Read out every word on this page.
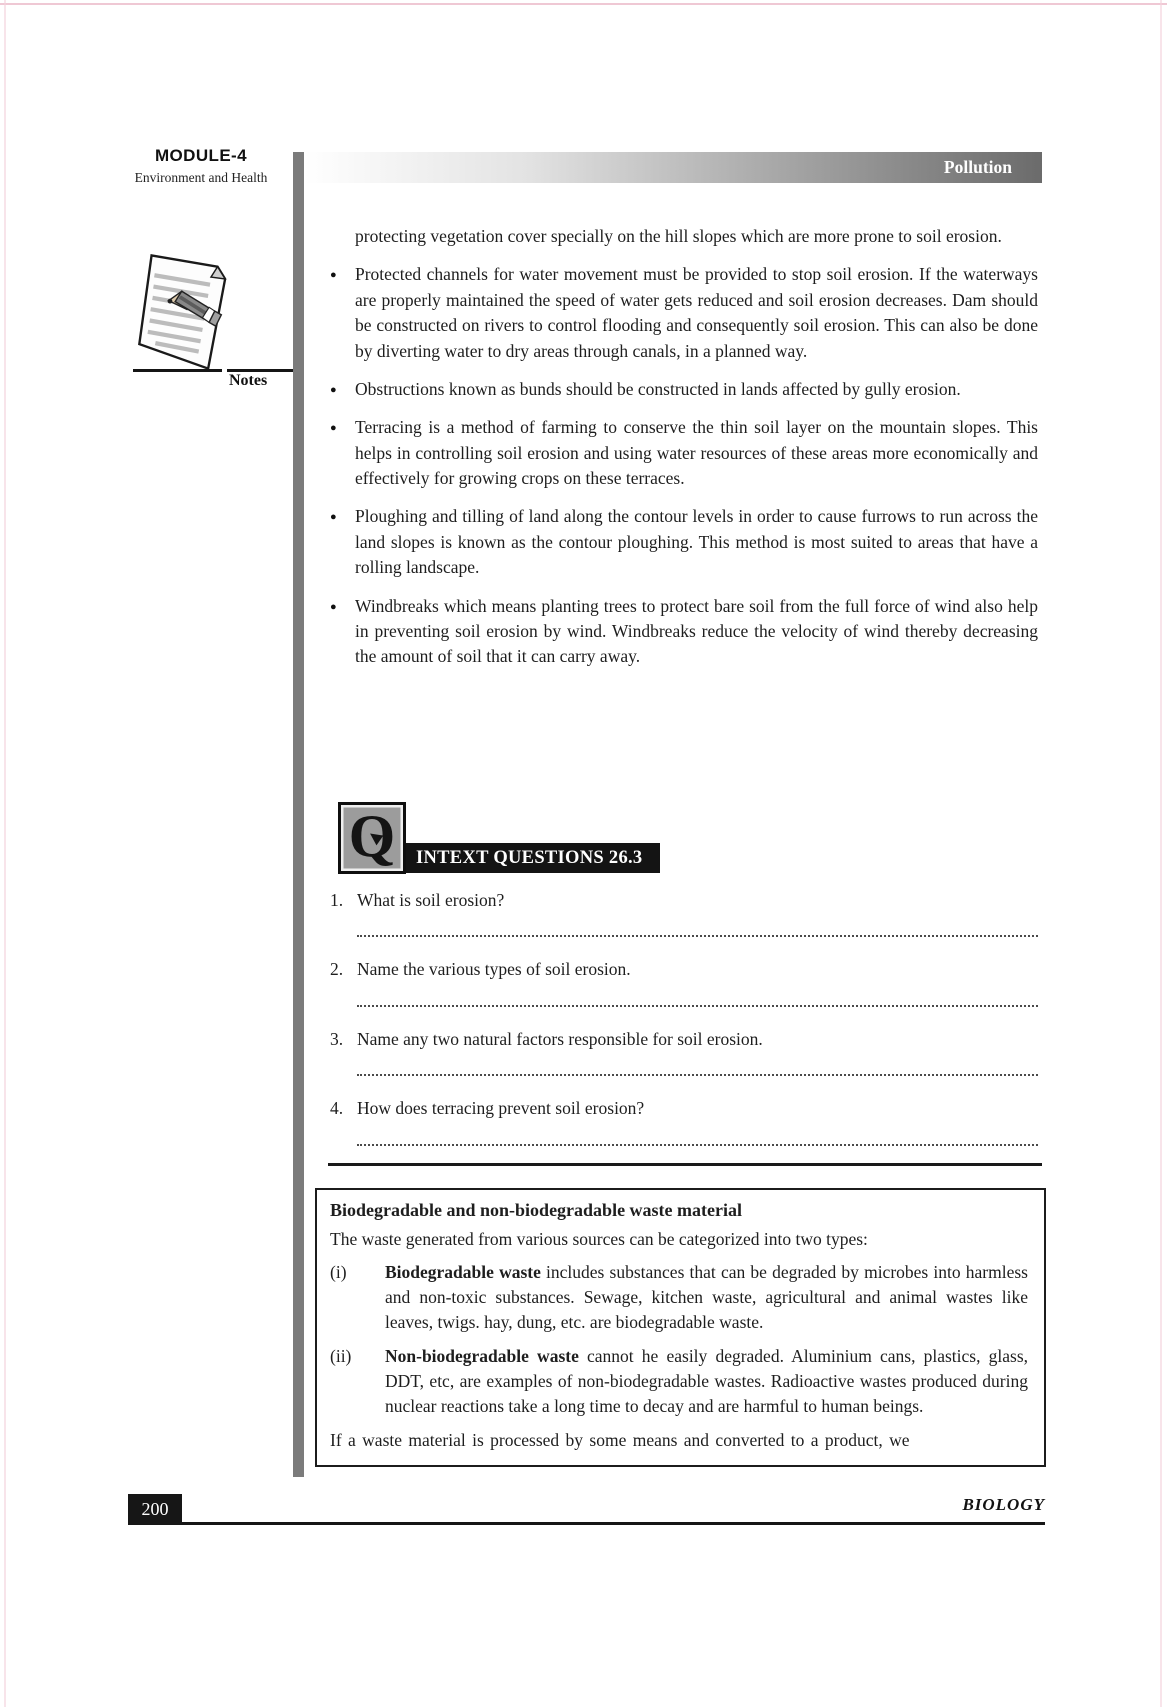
MODULE-4
Environment and Health
Pollution
Notes

protecting vegetation cover specially on the hill slopes which are more prone to soil erosion.

●	Protected channels for water movement must be provided to stop soil erosion. If the waterways are properly maintained the speed of water gets reduced and soil erosion decreases. Dam should be constructed on rivers to control flooding and consequently soil erosion. This can also be done by diverting water to dry areas through canals, in a planned way.
●	Obstructions known as bunds should be constructed in lands affected by gully erosion.
●	Terracing is a method of farming to conserve the thin soil layer on the mountain slopes. This helps in controlling soil erosion and using water resources of these areas more economically and effectively for growing crops on these terraces.
●	Ploughing and tilling of land along the contour levels in order to cause furrows to run across the land slopes is known as the contour ploughing. This method is most suited to areas that have a rolling landscape.
●	Windbreaks which means planting trees to protect bare soil from the full force of wind also help in preventing soil erosion by wind. Windbreaks reduce the velocity of wind thereby decreasing the amount of soil that it can carry away.
Q	INTEXT QUESTIONS 26.3
1. What is soil erosion?
2. Name the various types of soil erosion.
3. Name any two natural factors responsible for soil erosion.
4. How does terracing prevent soil erosion?
Biodegradable and non-biodegradable waste material

The waste generated from various sources can be categorized into two types:

(i)	Biodegradable waste includes substances that can be degraded by microbes into harmless and non-toxic substances. Sewage, kitchen waste, agricultural and animal wastes like leaves, twigs. hay, dung, etc. are biodegradable waste.
(ii)	Non-biodegradable waste cannot he easily degraded. Aluminium cans, plastics, glass, DDT, etc, are examples of non-biodegradable wastes. Radioactive wastes produced during nuclear reactions take a long time to decay and are harmful to human beings.

If a waste material is processed by some means and converted to a product, we

200	BIOLOGY
